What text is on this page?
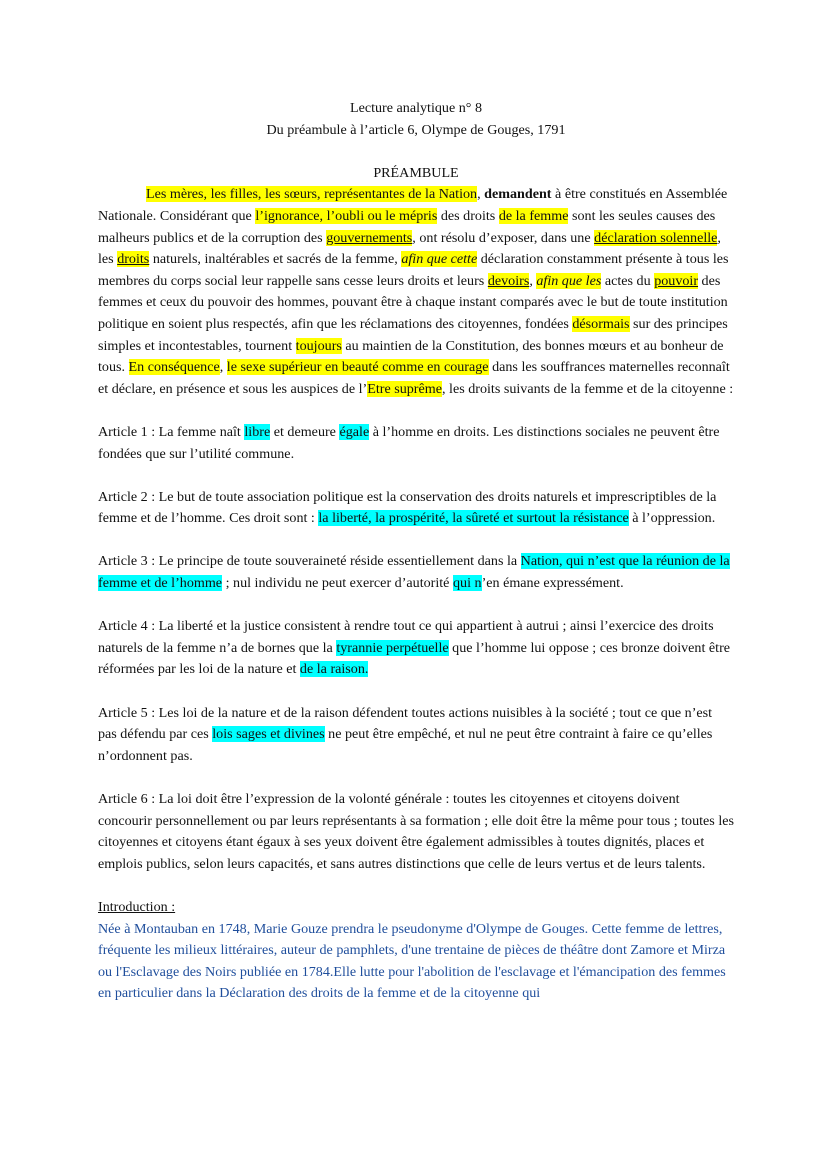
Lecture analytique n° 8

Du préambule à l’article 6, Olympe de Gouges, 1791

PRÉAMBULE

Les mères, les filles, les sœurs, représentantes de la Nation, demandent à être constitués en Assemblée Nationale. Considérant que l’ignorance, l’oubli ou le mépris des droits de la femme sont les seules causes des malheurs publics et de la corruption des gouvernements, ont résolu d’exposer, dans une déclaration solennelle, les droits naturels, inaltérables et sacrés de la femme, afin que cette déclaration constamment présente à tous les membres du corps social leur rappelle sans cesse leurs droits et leurs devoirs, afin que les actes du pouvoir des femmes et ceux du pouvoir des hommes, pouvant être à chaque instant comparés avec le but de toute institution politique en soient plus respectés, afin que les réclamations des citoyennes, fondées désormais sur des principes simples et incontestables, tournent toujours au maintien de la Constitution, des bonnes mœurs et au bonheur de tous. En conséquence, le sexe supérieur en beauté comme en courage dans les souffrances maternelles reconnaît et déclare, en présence et sous les auspices de l’Etre suprême, les droits suivants de la femme et de la citoyenne :

Article 1 : La femme naît libre et demeure égale à l’homme en droits. Les distinctions sociales ne peuvent être fondées que sur l’utilité commune.

Article 2 : Le but de toute association politique est la conservation des droits naturels et imprescriptibles de la femme et de l’homme. Ces droit sont : la liberté, la prospérité, la sûreté et surtout la résistance à l’oppression.

Article 3 : Le principe de toute souveraineté réside essentiellement dans la Nation, qui n’est que la réunion de la femme et de l’homme ; nul individu ne peut exercer d’autorité qui n’en émane expressément.

Article 4 : La liberté et la justice consistent à rendre tout ce qui appartient à autrui ; ainsi l’exercice des droits naturels de la femme n’a de bornes que la tyrannie perpétuelle que l’homme lui oppose ; ces bronze doivent être réformées par les loi de la nature et de la raison.

Article 5 : Les loi de la nature et de la raison défendent toutes actions nuisibles à la société ; tout ce que n’est pas défendu par ces lois sages et divines ne peut être empêché, et nul ne peut être contraint à faire ce qu’elles n’ordonnent pas.

Article 6 : La loi doit être l’expression de la volonté générale : toutes les citoyennes et citoyens doivent concourir personnellement ou par leurs représentants à sa formation ; elle doit être la même pour tous ; toutes les citoyennes et citoyens étant égaux à ses yeux doivent être également admissibles à toutes dignités, places et emplois publics, selon leurs capacités, et sans autres distinctions que celle de leurs vertus et de leurs talents.

Introduction :

Née à Montauban en 1748, Marie Gouze prendra le pseudonyme d'Olympe de Gouges. Cette femme de lettres, fréquente les milieux littéraires, auteur de pamphlets, d'une trentaine de pièces de théâtre dont Zamore et Mirza ou l'Esclavage des Noirs publiée en 1784.Elle lutte pour l'abolition de l'esclavage et l'émancipation des femmes en particulier dans la Déclaration des droits de la femme et de la citoyenne qui
